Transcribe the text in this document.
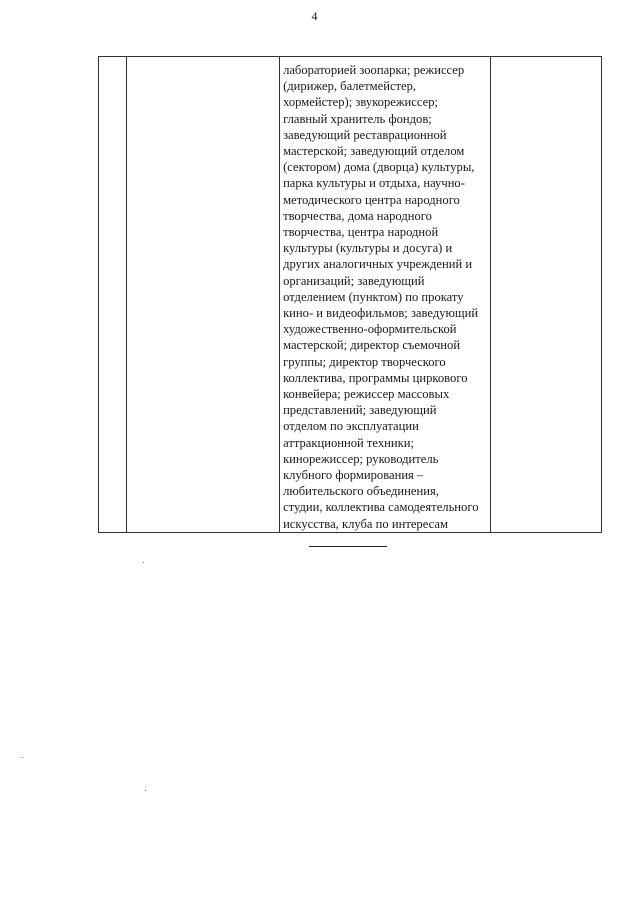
4

лабораторией зоопарка; режиссер
(дирижер, балетмейстер,
хормейстер); звукорежиссер;
главный хранитель фондов;
заведующий реставрационной
мастерской; заведующий отделом
(сектором) дома (дворца) культуры,
парка культуры и отдыха, научно-
методического центра народного
творчества, дома народного
творчества, центра народной
культуры (культуры и досуга) и
других аналогичных учреждений и
организаций; заведующий
отделением (пунктом) по прокату
кино- и видеофильмов; заведующий
художественно-оформительской
мастерской; директор съемочной
группы; директор творческого
коллектива, программы циркового
конвейера; режиссер массовых
представлений; заведующий
отделом по эксплуатации
аттракционной техники;
кинорежиссер; руководитель
клубного формирования –
любительского объединения,
студии, коллектива самодеятельного
искусства, клуба по интересам
